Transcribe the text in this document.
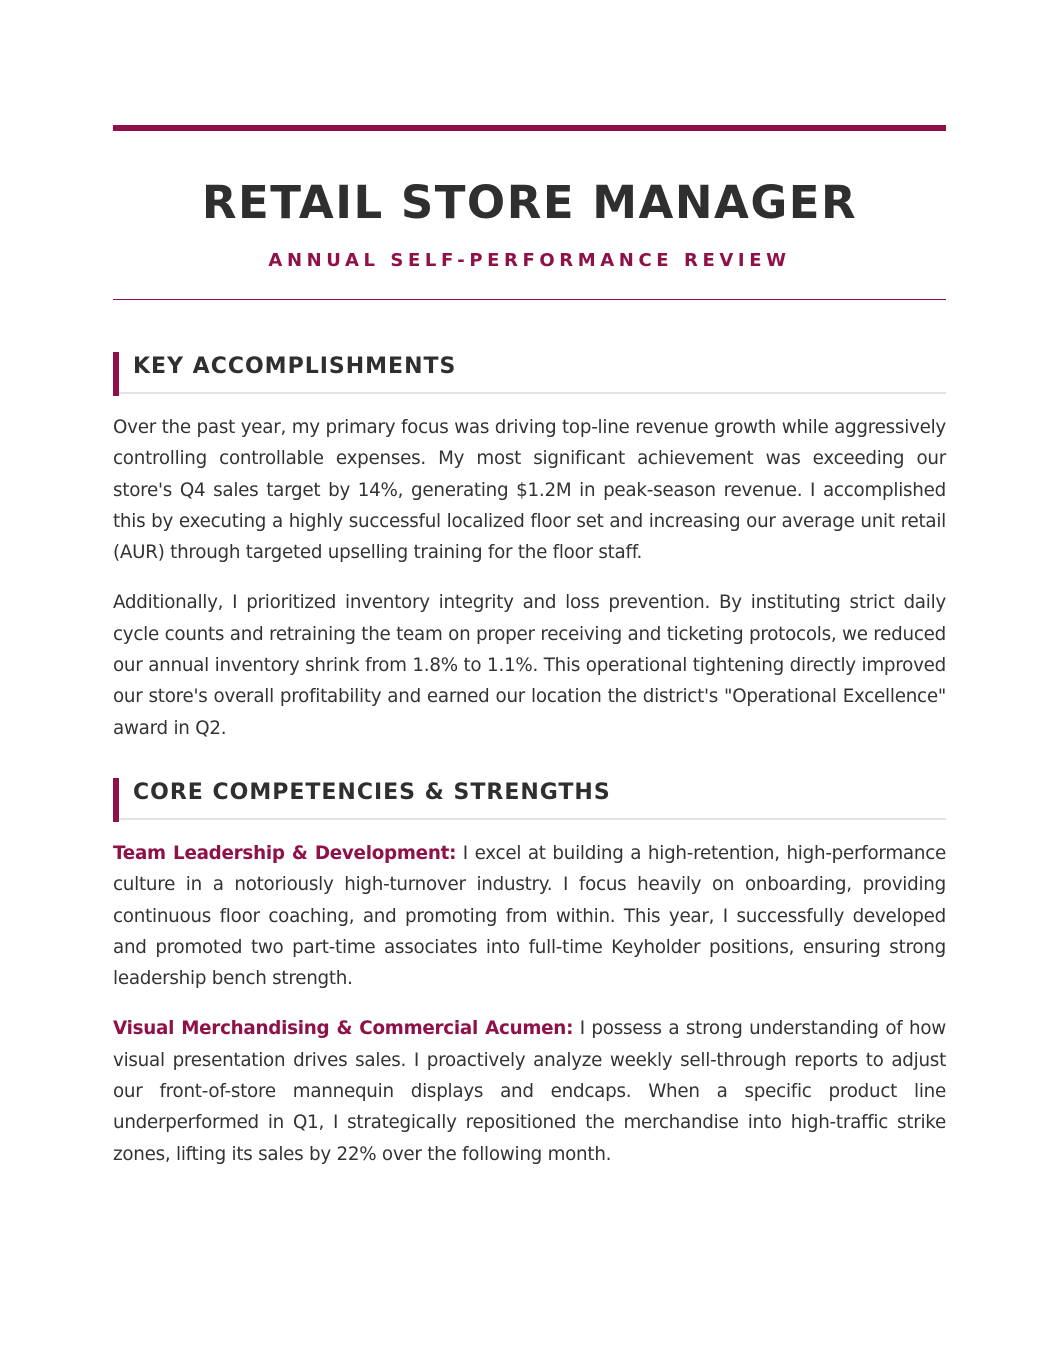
RETAIL STORE MANAGER
ANNUAL SELF-PERFORMANCE REVIEW
KEY ACCOMPLISHMENTS

Over the past year, my primary focus was driving top-line revenue growth while aggressively controlling controllable expenses. My most significant achievement was exceeding our store's Q4 sales target by 14%, generating $1.2M in peak-season revenue. I accomplished this by executing a highly successful localized floor set and increasing our average unit retail (AUR) through targeted upselling training for the floor staff.

Additionally, I prioritized inventory integrity and loss prevention. By instituting strict daily cycle counts and retraining the team on proper receiving and ticketing protocols, we reduced our annual inventory shrink from 1.8% to 1.1%. This operational tightening directly improved our store's overall profitability and earned our location the district's "Operational Excellence" award in Q2.

CORE COMPETENCIES & STRENGTHS

Team Leadership & Development: I excel at building a high-retention, high-performance culture in a notoriously high-turnover industry. I focus heavily on onboarding, providing continuous floor coaching, and promoting from within. This year, I successfully developed and promoted two part-time associates into full-time Keyholder positions, ensuring strong leadership bench strength.

Visual Merchandising & Commercial Acumen: I possess a strong understanding of how visual presentation drives sales. I proactively analyze weekly sell-through reports to adjust our front-of-store mannequin displays and endcaps. When a specific product line underperformed in Q1, I strategically repositioned the merchandise into high-traffic strike zones, lifting its sales by 22% over the following month.
